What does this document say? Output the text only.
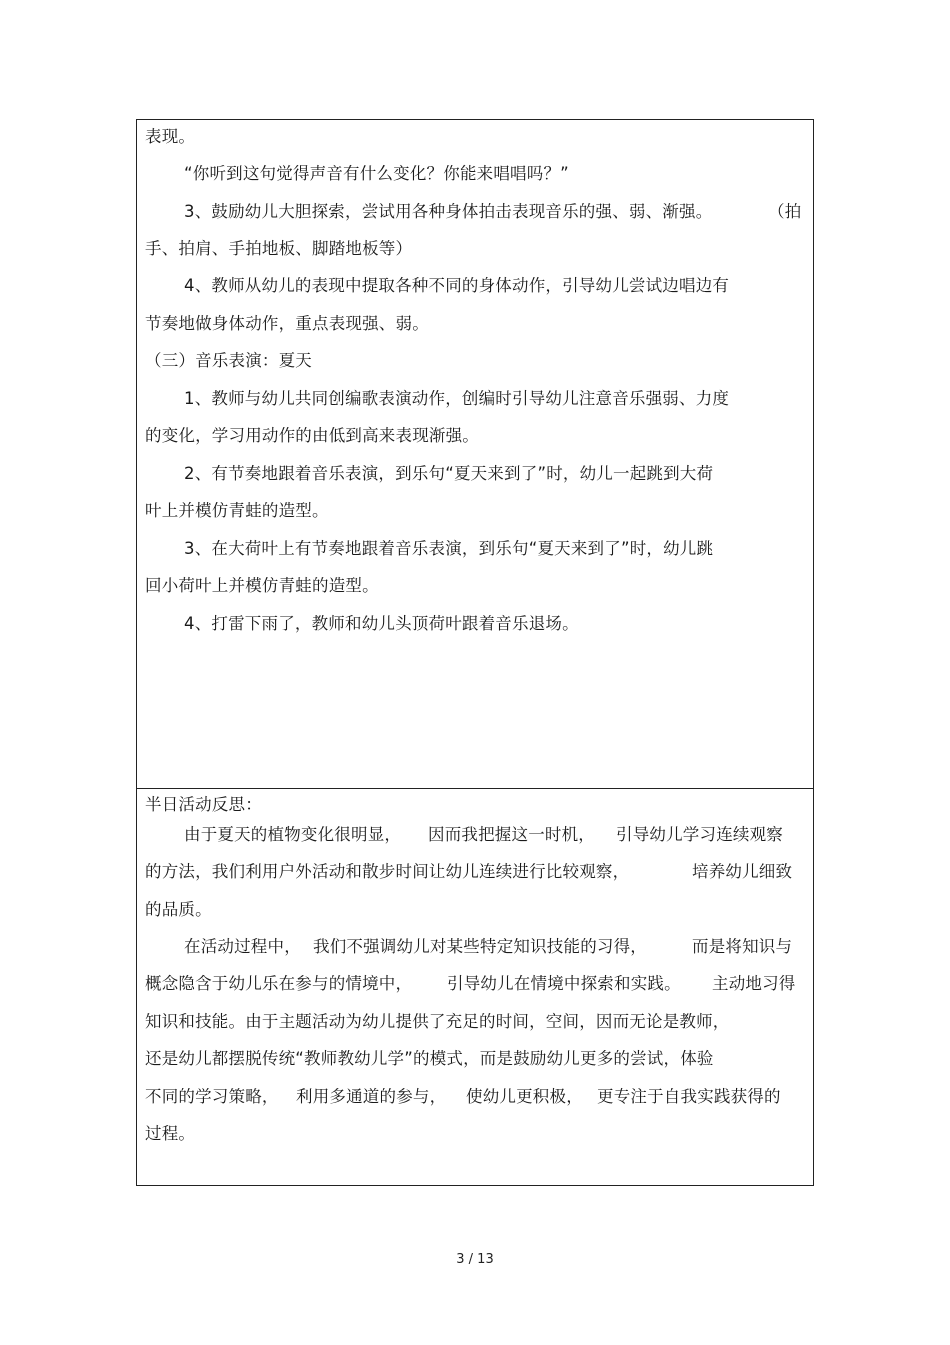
表现。
“你听到这句觉得声音有什么变化？你能来唱唱吗？”
3、鼓励幼儿大胆探索，尝试用各种身体拍击表现音乐的强、弱、渐强。	（拍
手、拍肩、手拍地板、脚踏地板等）
4、教师从幼儿的表现中提取各种不同的身体动作，引导幼儿尝试边唱边有
节奏地做身体动作，重点表现强、弱。
（三）音乐表演：夏天
1、教师与幼儿共同创编歌表演动作，创编时引导幼儿注意音乐强弱、力度
的变化，学习用动作的由低到高来表现渐强。
2、有节奏地跟着音乐表演，到乐句“夏天来到了”时，幼儿一起跳到大荷
叶上并模仿青蛙的造型。
3、在大荷叶上有节奏地跟着音乐表演，到乐句“夏天来到了”时，幼儿跳
回小荷叶上并模仿青蛙的造型。
4、打雷下雨了，教师和幼儿头顶荷叶跟着音乐退场。
半日活动反思：
由于夏天的植物变化很明显， 因而我把握这一时机， 引导幼儿学习连续观察
的方法，我们利用户外活动和散步时间让幼儿连续进行比较观察，	培养幼儿细致
的品质。
在活动过程中， 我们不强调幼儿对某些特定知识技能的习得，	而是将知识与
概念隐含于幼儿乐在参与的情境中， 引导幼儿在情境中探索和实践。 主动地习得
知识和技能。由于主题活动为幼儿提供了充足的时间，空间，因而无论是教师，
还是幼儿都摆脱传统“教师教幼儿学”的模式，而是鼓励幼儿更多的尝试，体验
不同的学习策略， 利用多通道的参与， 使幼儿更积极， 更专注于自我实践获得的
过程。
3 / 13
